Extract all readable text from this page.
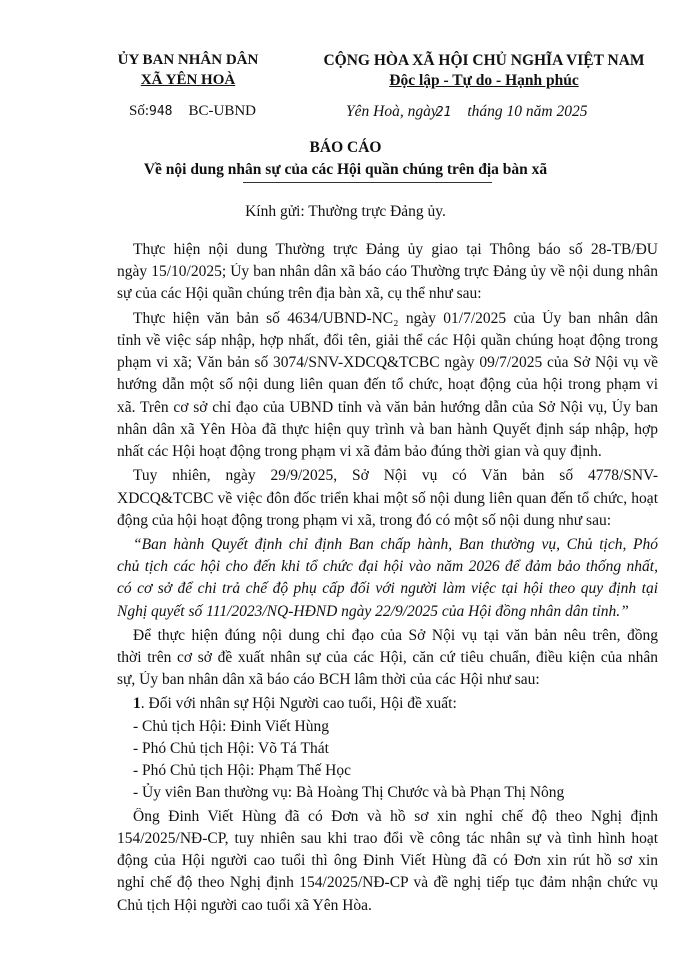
ỦY BAN NHÂN DÂN
XÃ YÊN HOÀ
CỘNG HÒA XÃ HỘI CHỦ NGHĨA VIỆT NAM
Độc lập - Tự do - Hạnh phúc
Số:948 BC-UBND	Yên Hoà, ngày21 tháng 10 năm 2025
BÁO CÁO
Về nội dung nhân sự của các Hội quần chúng trên địa bàn xã
Kính gửi: Thường trực Đảng ủy.
Thực hiện nội dung Thường trực Đảng ủy giao tại Thông báo số 28-TB/ĐU
ngày 15/10/2025; Ủy ban nhân dân xã báo cáo Thường trực Đảng ủy về nội dung nhân
sự của các Hội quần chúng trên địa bàn xã, cụ thể như sau:
Thực hiện văn bản số 4634/UBND-NC₂ ngày 01/7/2025 của Ủy ban nhân dân
tỉnh về việc sáp nhập, hợp nhất, đổi tên, giải thể các Hội quần chúng hoạt động trong
phạm vi xã; Văn bản số 3074/SNV-XDCQ&TCBC ngày 09/7/2025 của Sở Nội vụ về
hướng dẫn một số nội dung liên quan đến tổ chức, hoạt động của hội trong phạm vi
xã. Trên cơ sở chỉ đạo của UBND tỉnh và văn bản hướng dẫn của Sở Nội vụ, Ủy ban
nhân dân xã Yên Hòa đã thực hiện quy trình và ban hành Quyết định sáp nhập, hợp
nhất các Hội hoạt động trong phạm vi xã đảm bảo đúng thời gian và quy định.
Tuy nhiên, ngày 29/9/2025, Sở Nội vụ có Văn bản số 4778/SNV-
XDCQ&TCBC về việc đôn đốc triển khai một số nội dung liên quan đến tổ chức, hoạt
động của hội hoạt động trong phạm vi xã, trong đó có một số nội dung như sau:
“Ban hành Quyết định chỉ định Ban chấp hành, Ban thường vụ, Chủ tịch, Phó
chủ tịch các hội cho đến khi tổ chức đại hội vào năm 2026 để đảm bảo thống nhất,
có cơ sở để chi trả chế độ phụ cấp đối với người làm việc tại hội theo quy định tại
Nghị quyết số 111/2023/NQ-HĐND ngày 22/9/2025 của Hội đồng nhân dân tỉnh.”
Để thực hiện đúng nội dung chỉ đạo của Sở Nội vụ tại văn bản nêu trên, đồng
thời trên cơ sở đề xuất nhân sự của các Hội, căn cứ tiêu chuẩn, điều kiện của nhân
sự, Ủy ban nhân dân xã báo cáo BCH lâm thời của các Hội như sau:
1. Đối với nhân sự Hội Người cao tuổi, Hội đề xuất:
- Chủ tịch Hội: Đinh Viết Hùng
- Phó Chủ tịch Hội: Võ Tá Thát
- Phó Chủ tịch Hội: Phạm Thế Học
- Ủy viên Ban thường vụ: Bà Hoàng Thị Chước và bà Phạn Thị Nông
Ông Đinh Viết Hùng đã có Đơn và hồ sơ xin nghỉ chế độ theo Nghị định
154/2025/NĐ-CP, tuy nhiên sau khi trao đổi về công tác nhân sự và tình hình hoạt
động của Hội người cao tuổi thì ông Đinh Viết Hùng đã có Đơn xin rút hồ sơ xin
nghỉ chế độ theo Nghị định 154/2025/NĐ-CP và đề nghị tiếp tục đảm nhận chức vụ
Chủ tịch Hội người cao tuổi xã Yên Hòa.
